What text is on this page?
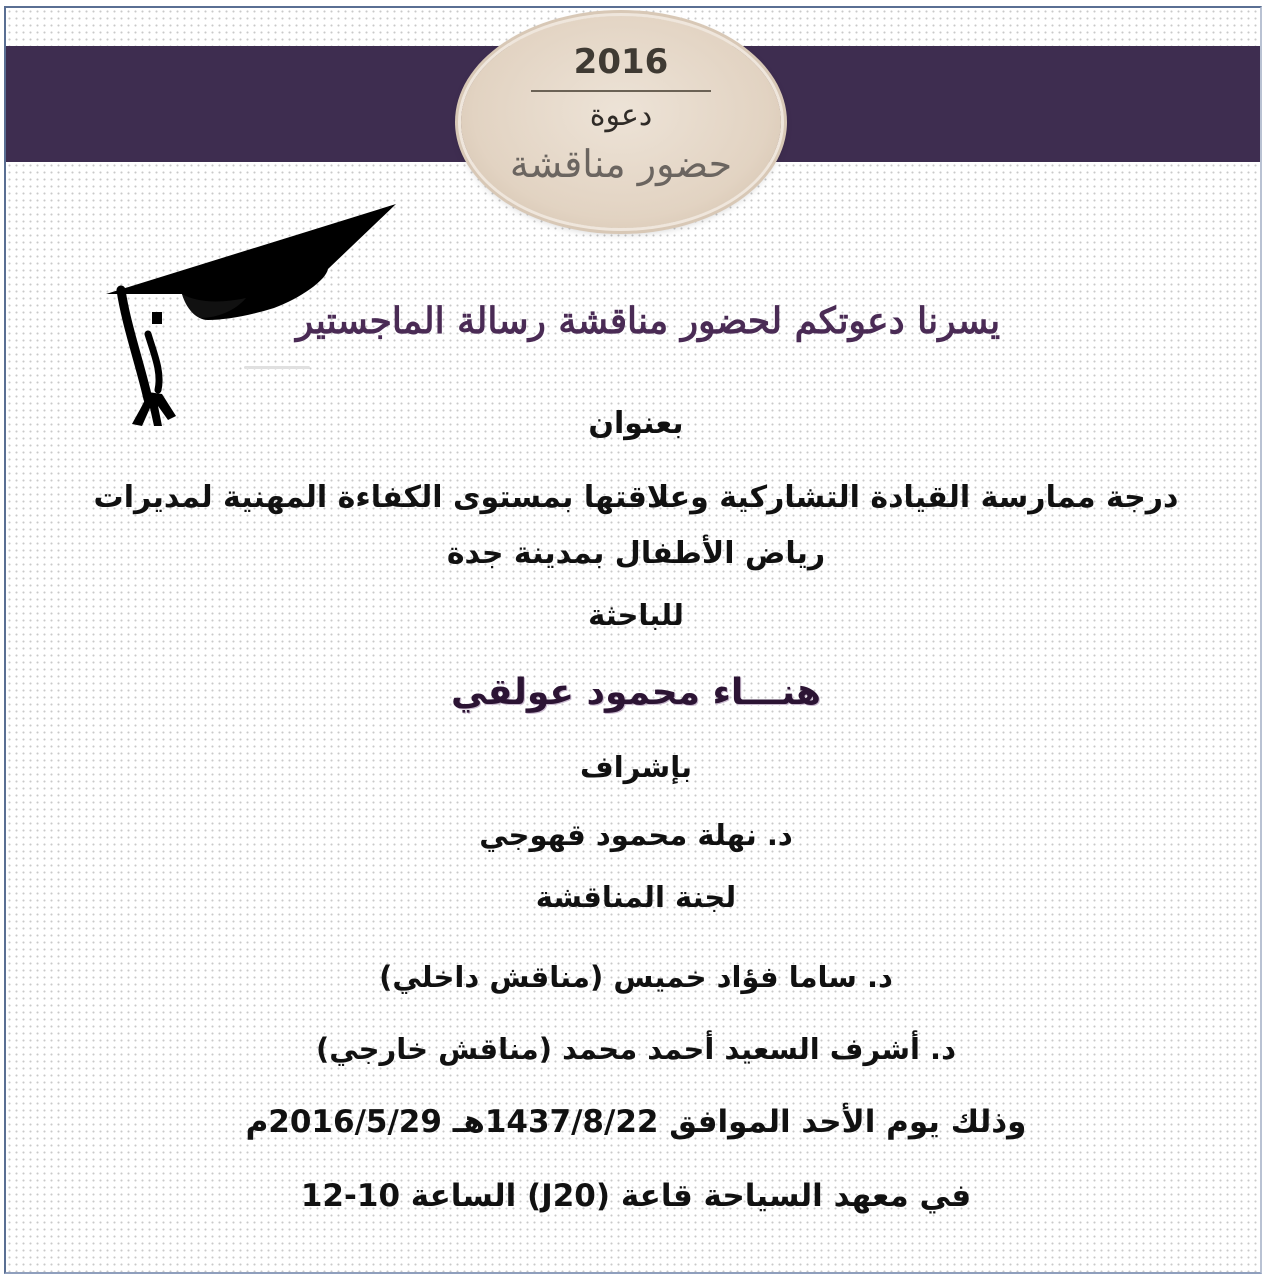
2016
دعوة
حضور مناقشة
يسرنا دعوتكم لحضور مناقشة رسالة الماجستير
بعنوان
درجة ممارسة القيادة التشاركية وعلاقتها بمستوى الكفاءة المهنية لمديرات
رياض الأطفال بمدينة جدة
للباحثة
هنـــاء محمود عولقي
بإشراف
د. نهلة محمود قهوجي
لجنة المناقشة
د. ساما فؤاد خميس (مناقش داخلي)
د. أشرف السعيد أحمد محمد (مناقش خارجي)
وذلك يوم الأحد الموافق 1437/8/22هـ 2016/5/29م
في معهد السياحة قاعة (J20) الساعة 10-12
